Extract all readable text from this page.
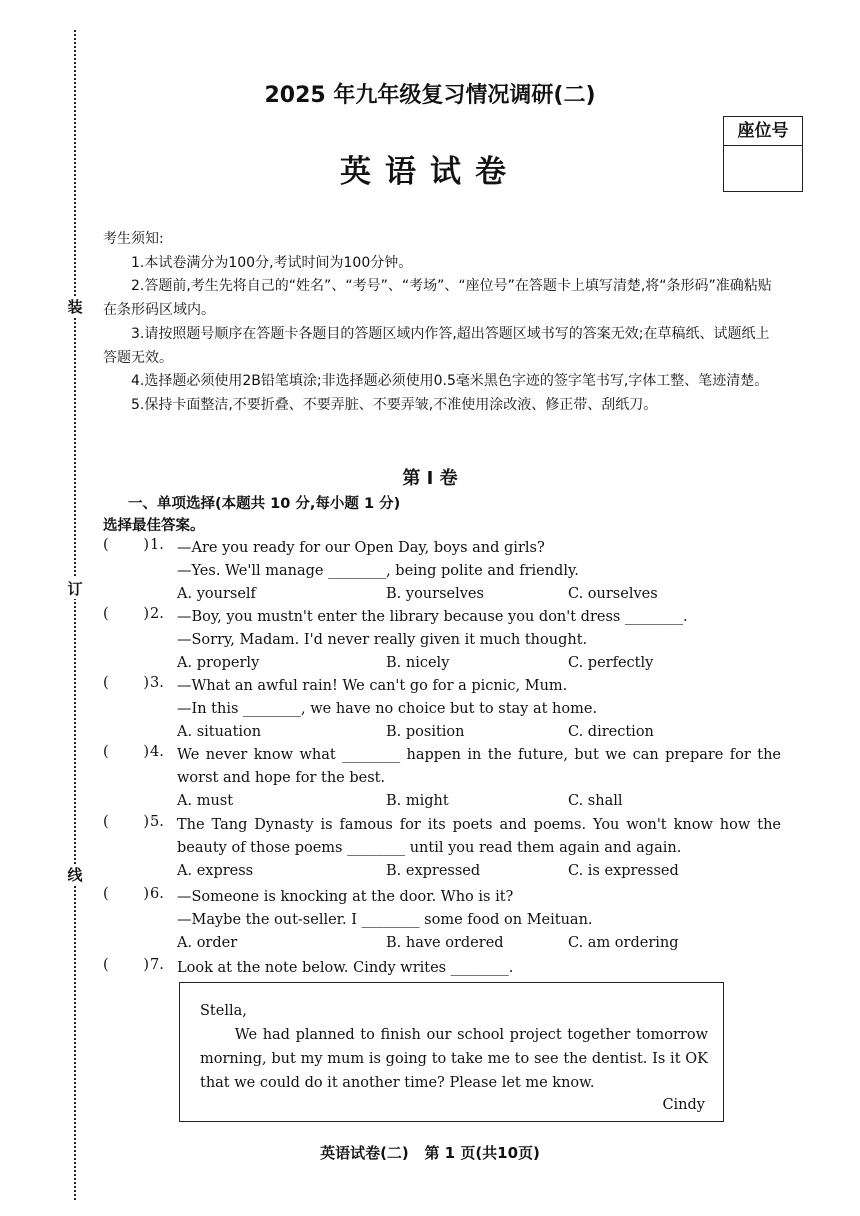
装
订
线
2025 年九年级复习情况调研(二)
英语试卷
座位号

考生须知:

1.本试卷满分为100分,考试时间为100分钟。

2.答题前,考生先将自己的“姓名”、“考号”、“考场”、“座位号”在答题卡上填写清楚,将“条形码”准确粘贴在条形码区域内。

3.请按照题号顺序在答题卡各题目的答题区域内作答,超出答题区域书写的答案无效;在草稿纸、试题纸上答题无效。

4.选择题必须使用2B铅笔填涂;非选择题必须使用0.5毫米黑色字迹的签字笔书写,字体工整、笔迹清楚。

5.保持卡面整洁,不要折叠、不要弄脏、不要弄皱,不准使用涂改液、修正带、刮纸刀。

第 I 卷
一、单项选择(本题共 10 分,每小题 1 分)
选择最佳答案。
( ) 1. —Are you ready for our Open Day, boys and girls?

—Yes. We'll manage ________, being polite and friendly.

A. yourself	B. yourselves	C. ourselves
( ) 2. —Boy, you mustn't enter the library because you don't dress ________.

—Sorry, Madam. I'd never really given it much thought.

A. properly	B. nicely	C. perfectly
( ) 3. —What an awful rain! We can't go for a picnic, Mum.

—In this ________, we have no choice but to stay at home.

A. situation	B. position	C. direction
( ) 4. We never know what ________ happen in the future, but we can prepare for the worst and hope for the best.

A. must	B. might	C. shall
( ) 5. The Tang Dynasty is famous for its poets and poems. You won't know how the beauty of those poems ________ until you read them again and again.

A. express	B. expressed	C. is expressed
( ) 6. —Someone is knocking at the door. Who is it?

—Maybe the out-seller. I ________ some food on Meituan.

A. order	B. have ordered	C. am ordering
( ) 7. Look at the note below. Cindy writes ________.

Stella,
We had planned to finish our school project together tomorrow morning, but my mum is going to take me to see the dentist. Is it OK that we could do it another time? Please let me know.
Cindy
英语试卷(二)   第 1 页(共10页)
